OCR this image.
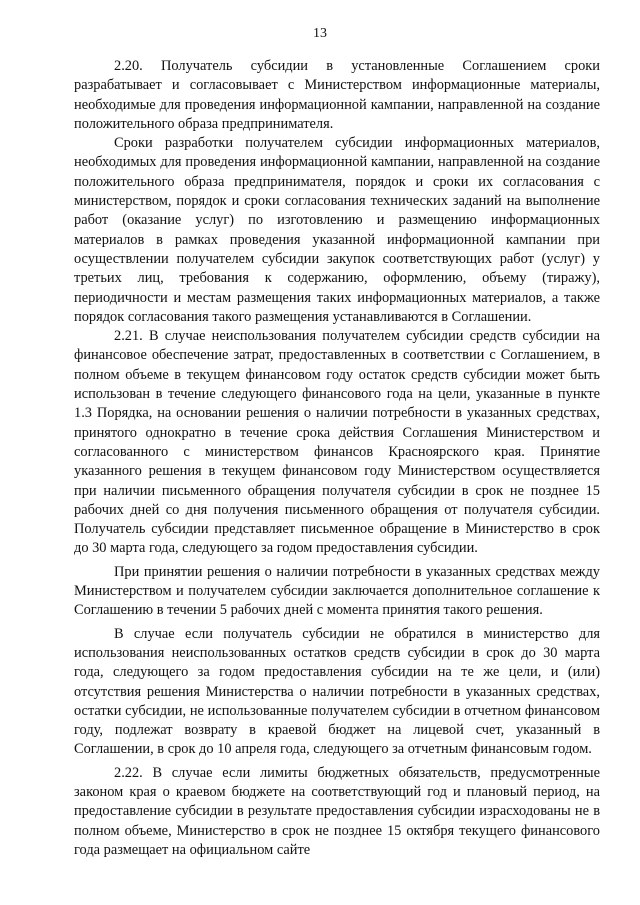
13

2.20. Получатель субсидии в установленные Соглашением сроки разрабатывает и согласовывает с Министерством информационные материалы, необходимые для проведения информационной кампании, направленной на создание положительного образа предпринимателя.

Сроки разработки получателем субсидии информационных материалов, необходимых для проведения информационной кампании, направленной на создание положительного образа предпринимателя, порядок и сроки их согласования с министерством, порядок и сроки согласования технических заданий на выполнение работ (оказание услуг) по изготовлению и размещению информационных материалов в рамках проведения указанной информационной кампании при осуществлении получателем субсидии закупок соответствующих работ (услуг) у третьих лиц, требования к содержанию, оформлению, объему (тиражу), периодичности и местам размещения таких информационных материалов, а также порядок согласования такого размещения устанавливаются в Соглашении.

2.21. В случае неиспользования получателем субсидии средств субсидии на финансовое обеспечение затрат, предоставленных в соответствии с Соглашением, в полном объеме в текущем финансовом году остаток средств субсидии может быть использован в течение следующего финансового года на цели, указанные в пункте 1.3 Порядка, на основании решения о наличии потребности в указанных средствах, принятого однократно в течение срока действия Соглашения Министерством и согласованного с министерством финансов Красноярского края. Принятие указанного решения в текущем финансовом году Министерством осуществляется при наличии письменного обращения получателя субсидии в срок не позднее 15 рабочих дней со дня получения письменного обращения от получателя субсидии. Получатель субсидии представляет письменное обращение в Министерство в срок до 30 марта года, следующего за годом предоставления субсидии.

При принятии решения о наличии потребности в указанных средствах между Министерством и получателем субсидии заключается дополнительное соглашение к Соглашению в течении 5 рабочих дней с момента принятия такого решения.

В случае если получатель субсидии не обратился в министерство для использования неиспользованных остатков средств субсидии в срок до 30 марта года, следующего за годом предоставления субсидии на те же цели, и (или) отсутствия решения Министерства о наличии потребности в указанных средствах, остатки субсидии, не использованные получателем субсидии в отчетном финансовом году, подлежат возврату в краевой бюджет на лицевой счет, указанный в Соглашении, в срок до 10 апреля года, следующего за отчетным финансовым годом.

2.22. В случае если лимиты бюджетных обязательств, предусмотренные законом края о краевом бюджете на соответствующий год и плановый период, на предоставление субсидии в результате предоставления субсидии израсходованы не в полном объеме, Министерство в срок не позднее 15 октября текущего финансового года размещает на официальном сайте
